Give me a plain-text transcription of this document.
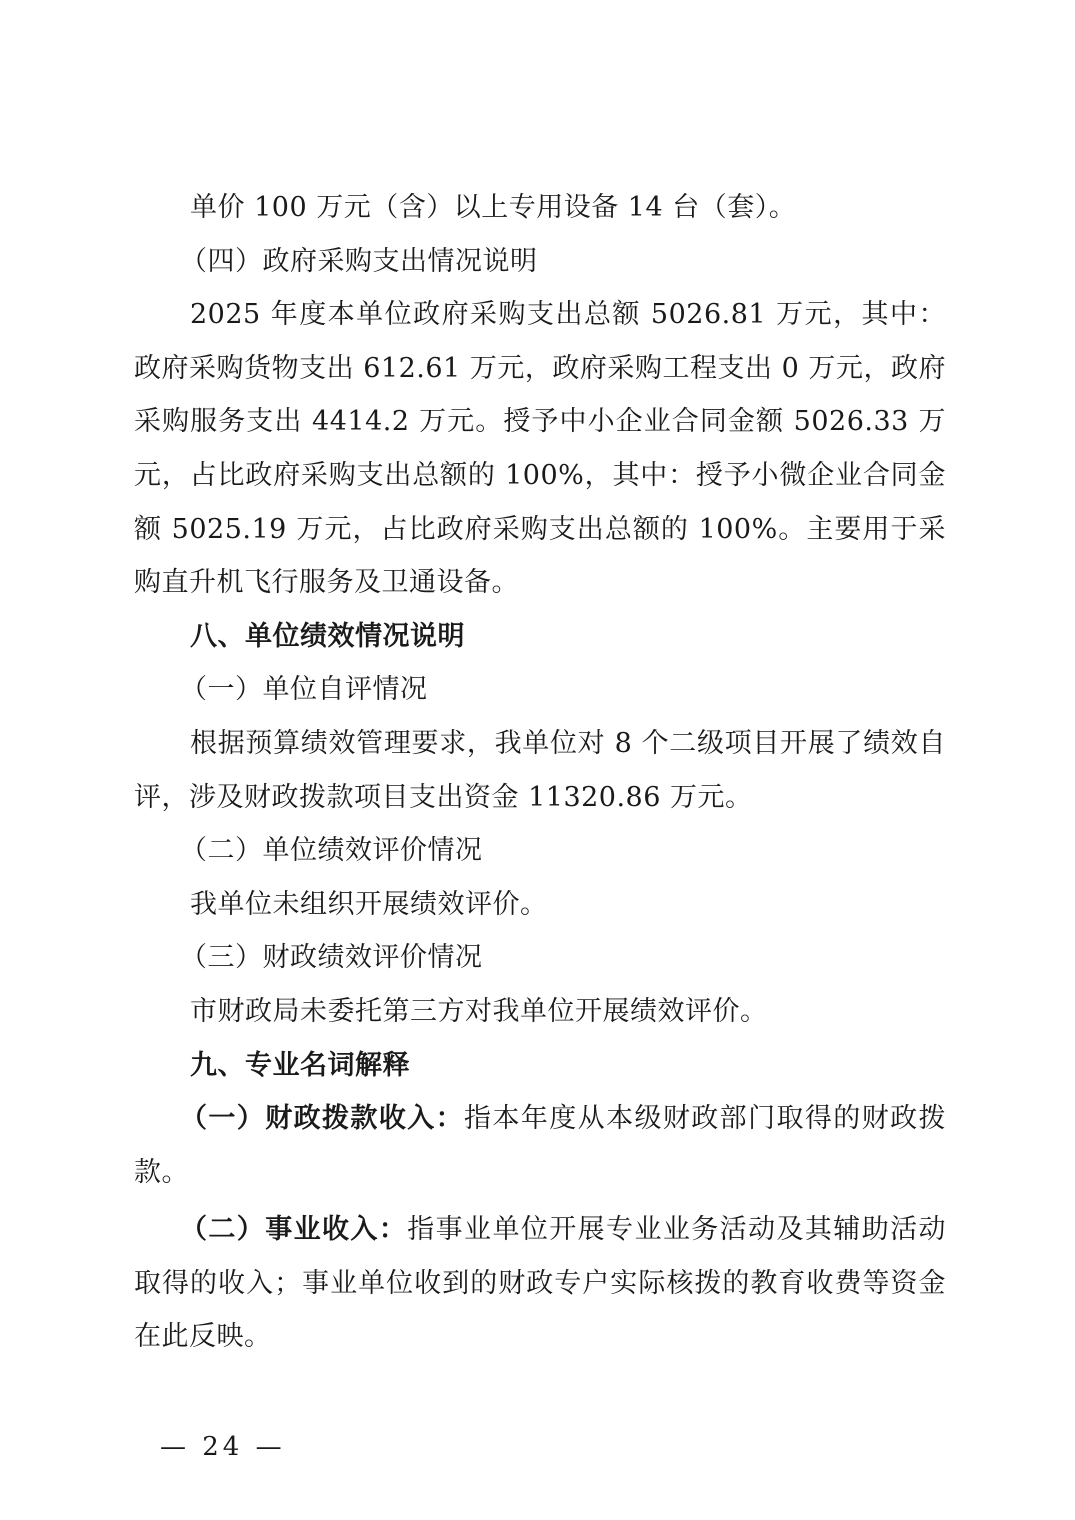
单价 100 万元（含）以上专用设备 14 台（套）。

（四）政府采购支出情况说明

2025 年度本单位政府采购支出总额 5026.81 万元，其中：政府采购货物支出 612.61 万元，政府采购工程支出 0 万元，政府采购服务支出 4414.2 万元。授予中小企业合同金额 5026.33 万元，占比政府采购支出总额的 100%，其中：授予小微企业合同金额 5025.19 万元，占比政府采购支出总额的 100%。主要用于采购直升机飞行服务及卫通设备。

八、单位绩效情况说明

（一）单位自评情况

根据预算绩效管理要求，我单位对 8 个二级项目开展了绩效自评，涉及财政拨款项目支出资金 11320.86 万元。

（二）单位绩效评价情况

我单位未组织开展绩效评价。

（三）财政绩效评价情况

市财政局未委托第三方对我单位开展绩效评价。

九、专业名词解释

（一）财政拨款收入：指本年度从本级财政部门取得的财政拨款。

（二）事业收入：指事业单位开展专业业务活动及其辅助活动取得的收入；事业单位收到的财政专户实际核拨的教育收费等资金在此反映。

— 24 —
